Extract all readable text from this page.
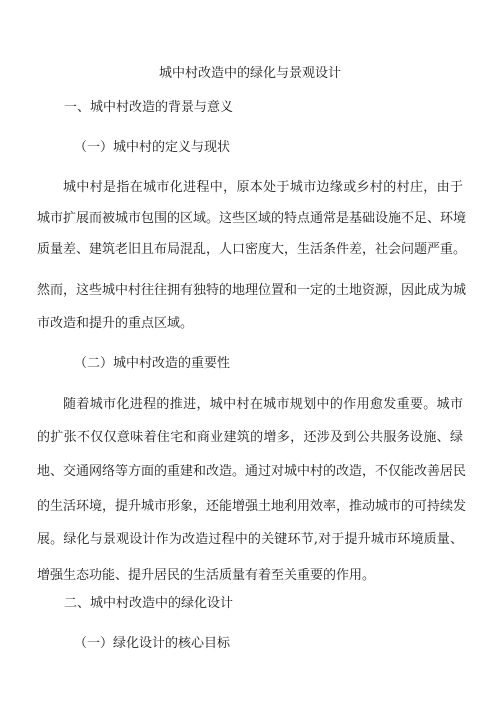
城中村改造中的绿化与景观设计
一、城中村改造的背景与意义
（一）城中村的定义与现状
城中村是指在城市化进程中，原本处于城市边缘或乡村的村庄，由于
城市扩展而被城市包围的区域。这些区域的特点通常是基础设施不足、环境
质量差、建筑老旧且布局混乱，人口密度大，生活条件差，社会问题严重。
然而，这些城中村往往拥有独特的地理位置和一定的土地资源，因此成为城
市改造和提升的重点区域。
（二）城中村改造的重要性
随着城市化进程的推进，城中村在城市规划中的作用愈发重要。城市
的扩张不仅仅意味着住宅和商业建筑的增多，还涉及到公共服务设施、绿
地、交通网络等方面的重建和改造。通过对城中村的改造，不仅能改善居民
的生活环境，提升城市形象，还能增强土地利用效率，推动城市的可持续发
展。绿化与景观设计作为改造过程中的关键环节,对于提升城市环境质量、
增强生态功能、提升居民的生活质量有着至关重要的作用。
二、城中村改造中的绿化设计
（一）绿化设计的核心目标
